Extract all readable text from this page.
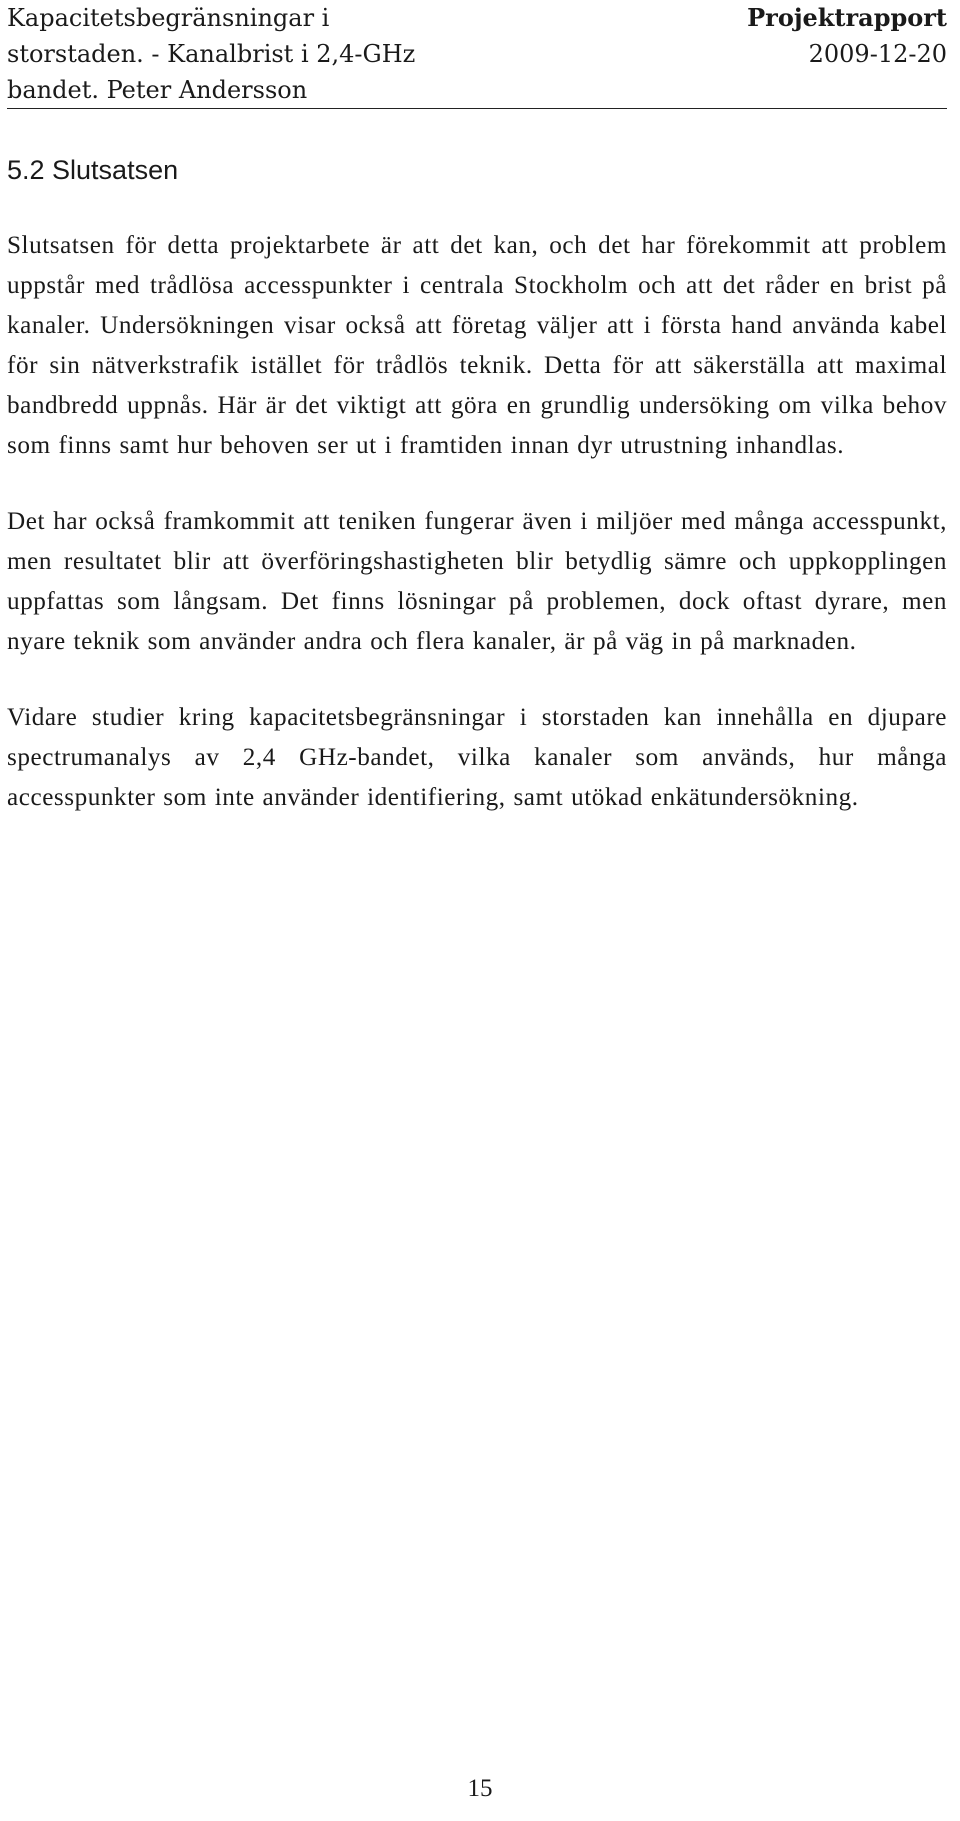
Kapacitetsbegränsningar i
storstaden. - Kanalbrist i 2,4-GHz
bandet. Peter Andersson
Projektrapport
2009-12-20
5.2 Slutsatsen

Slutsatsen för detta projektarbete är att det kan, och det har förekommit att problem uppstår med trådlösa accesspunkter i centrala Stockholm och att det råder en brist på kanaler. Undersökningen visar också att företag väljer att i första hand använda kabel för sin nätverkstrafik istället för trådlös teknik. Detta för att säkerställa att maximal bandbredd uppnås. Här är det viktigt att göra en grundlig undersöking om vilka behov som finns samt hur behoven ser ut i framtiden innan dyr utrustning inhandlas.

Det har också framkommit att teniken fungerar även i miljöer med många accesspunkt, men resultatet blir att överföringshastigheten blir betydlig sämre och uppkopplingen uppfattas som långsam. Det finns lösningar på problemen, dock oftast dyrare, men nyare teknik som använder andra och flera kanaler, är på väg in på marknaden.

Vidare studier kring kapacitetsbegränsningar i storstaden kan innehålla en djupare spectrumanalys av 2,4 GHz-bandet, vilka kanaler som används, hur många accesspunkter som inte använder identifiering, samt utökad enkätundersökning.

15
